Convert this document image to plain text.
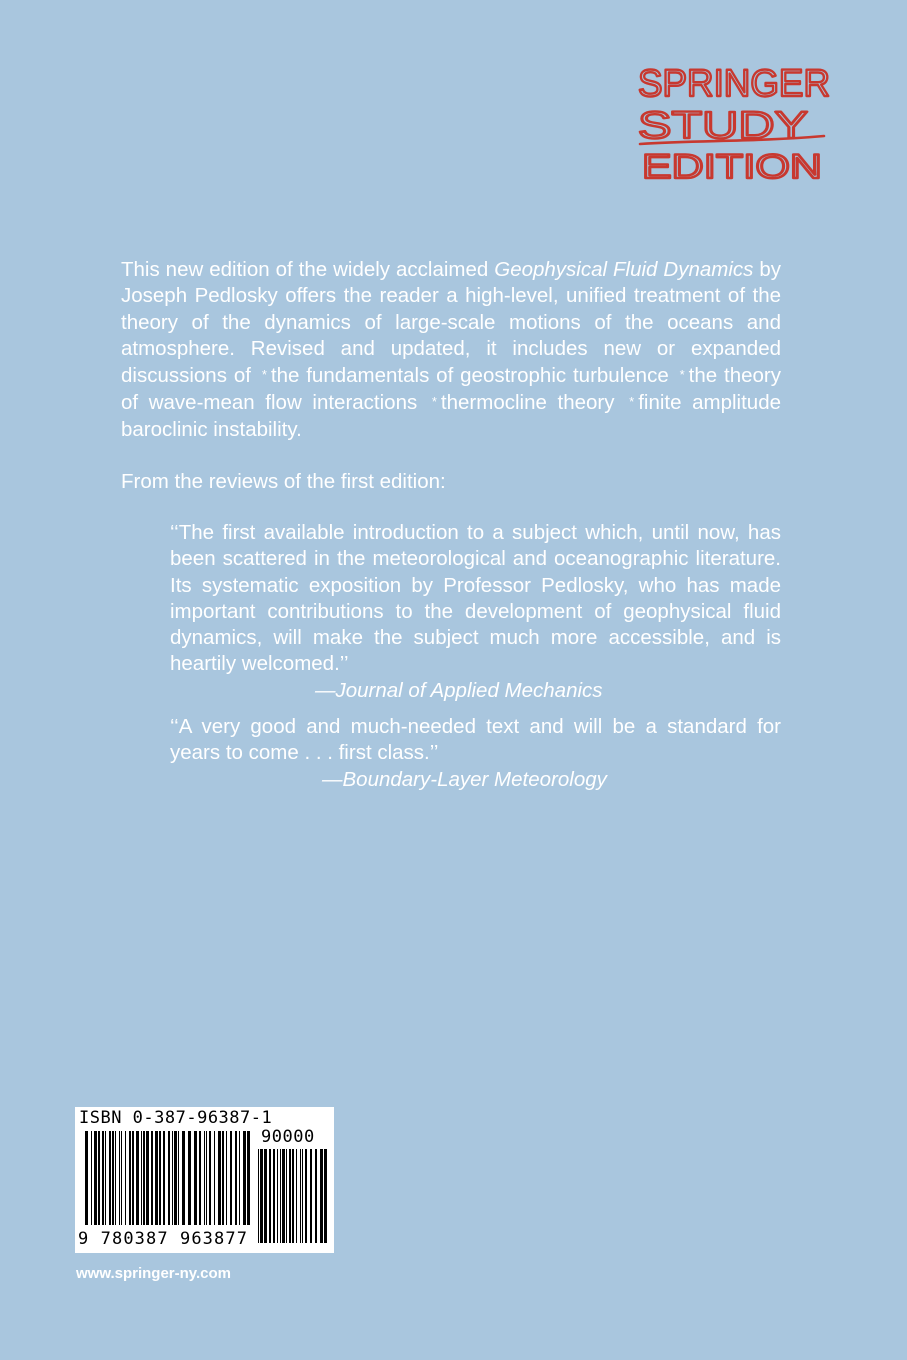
SPRINGER
STUDY
EDITION

This new edition of the widely acclaimed Geophysical Fluid Dynamics by Joseph Pedlosky offers the reader a high-level, unified treatment of the theory of the dynamics of large-scale motions of the oceans and atmosphere. Revised and updated, it includes new or expanded discussions of * the fundamentals of geostrophic turbulence * the theory of wave-mean flow interactions * thermocline theory * finite amplitude baroclinic instability.

From the reviews of the first edition:

‘‘The first available introduction to a subject which, until now, has been scattered in the meteorological and oceanographic literature. Its systematic exposition by Professor Pedlosky, who has made important contributions to the development of geophysical fluid dynamics, will make the subject much more accessible, and is heartily welcomed.’’
—Journal of Applied Mechanics

‘‘A very good and much-needed text and will be a standard for years to come . . . first class.’’
—Boundary-Layer Meteorology

ISBN 0-387-96387-1
90000
9 780387 963877
www.springer-ny.com
